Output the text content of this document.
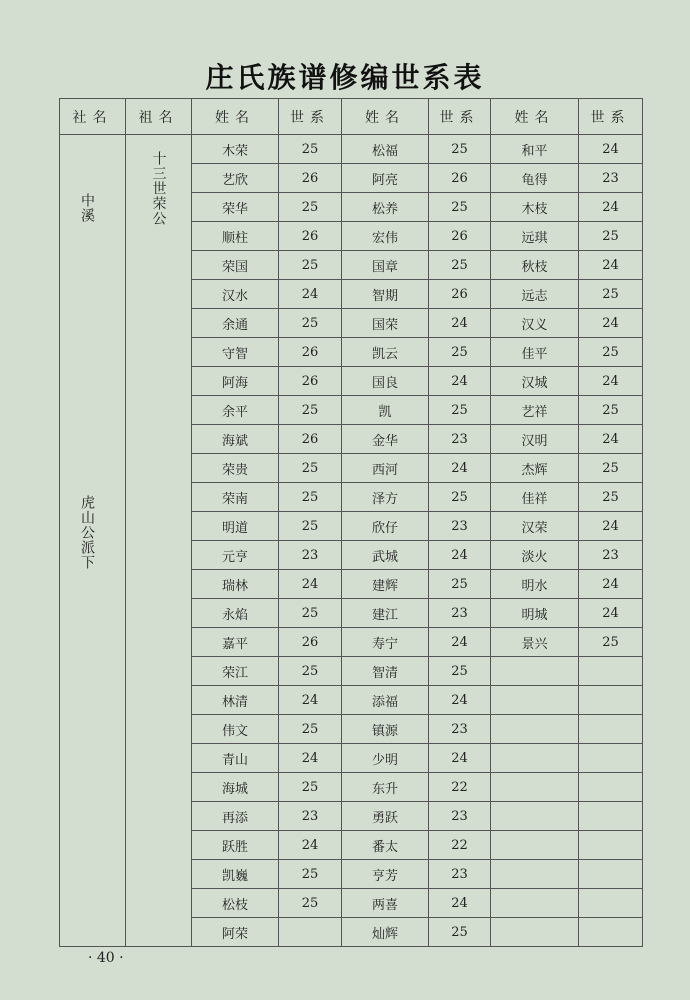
庄氏族谱修编世系表
社名	祖名	姓名	世系	姓名	世系	姓名	世系

中溪
虎山公派下	十三世荣公	木荣	25	松福	25	和平	24
		艺欣	26	阿亮	26	龟得	23
		荣华	25	松养	25	木枝	24
		顺柱	26	宏伟	26	远琪	25
		荣国	25	国章	25	秋枝	24
		汉水	24	智期	26	远志	25
		余通	25	国荣	24	汉义	24
		守智	26	凯云	25	佳平	25
		阿海	26	国良	24	汉城	24
		余平	25	凯	25	艺祥	25
		海斌	26	金华	23	汉明	24
		荣贵	25	西河	24	杰辉	25
		荣南	25	泽方	25	佳祥	25
		明道	25	欣仔	23	汉荣	24
		元亨	23	武城	24	淡火	23
		瑞林	24	建辉	25	明水	24
		永焰	25	建江	23	明城	24
		嘉平	26	寿宁	24	景兴	25
		荣江	25	智清	25		
		林清	24	添福	24		
		伟文	25	镇源	23		
		青山	24	少明	24		
		海城	25	东升	22		
		再添	23	勇跃	23		
		跃胜	24	番太	22		
		凯巍	25	亨芳	23		
		松枝	25	两喜	24		
		阿荣		灿辉	25		
· 40 ·
